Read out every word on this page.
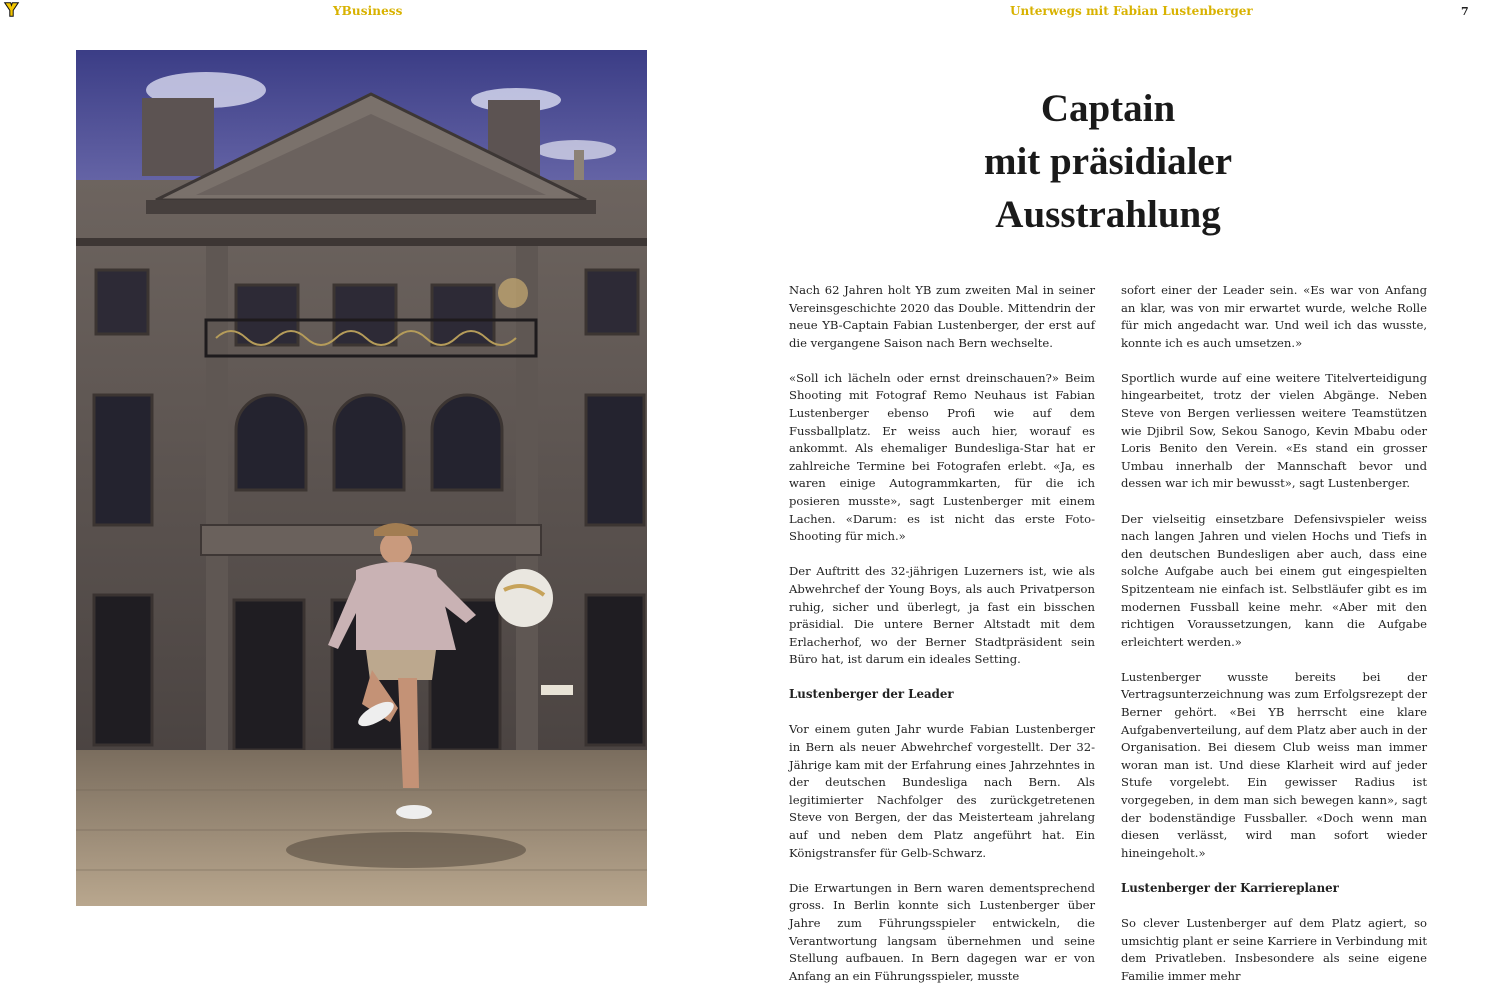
YBusiness	Unterwegs mit Fabian Lustenberger	7
Captain
mit präsidialer
Ausstrahlung

Nach 62 Jahren holt YB zum zweiten Mal in seiner Vereinsgeschichte 2020 das Double. Mittendrin der neue YB-Captain Fabian Lustenberger, der erst auf die vergangene Saison nach Bern wechselte.

«Soll ich lächeln oder ernst dreinschauen?» Beim Shooting mit Fotograf Remo Neuhaus ist Fabian Lustenberger ebenso Profi wie auf dem Fussballplatz. Er weiss auch hier, worauf es ankommt. Als ehemaliger Bundesliga-Star hat er zahlreiche Termine bei Fotografen erlebt. «Ja, es waren einige Autogrammkarten, für die ich posieren musste», sagt Lustenberger mit einem Lachen. «Darum: es ist nicht das erste Foto-Shooting für mich.»

Der Auftritt des 32-jährigen Luzerners ist, wie als Abwehrchef der Young Boys, als auch Privatperson ruhig, sicher und überlegt, ja fast ein bisschen präsidial. Die untere Berner Altstadt mit dem Erlacherhof, wo der Berner Stadtpräsident sein Büro hat, ist darum ein ideales Setting.

Lustenberger der Leader

Vor einem guten Jahr wurde Fabian Lustenberger in Bern als neuer Abwehrchef vorgestellt. Der 32-Jährige kam mit der Erfahrung eines Jahrzehntes in der deutschen Bundesliga nach Bern. Als legitimierter Nachfolger des zurückgetretenen Steve von Bergen, der das Meisterteam jahrelang auf und neben dem Platz angeführt hat. Ein Königstransfer für Gelb-Schwarz.

Die Erwartungen in Bern waren dementsprechend gross. In Berlin konnte sich Lustenberger über Jahre zum Führungsspieler entwickeln, die Verantwortung langsam übernehmen und seine Stellung aufbauen. In Bern dagegen war er von Anfang an ein Führungsspieler, musste

sofort einer der Leader sein. «Es war von Anfang an klar, was von mir erwartet wurde, welche Rolle für mich angedacht war. Und weil ich das wusste, konnte ich es auch umsetzen.»

Sportlich wurde auf eine weitere Titelverteidigung hingearbeitet, trotz der vielen Abgänge. Neben Steve von Bergen verliessen weitere Teamstützen wie Djibril Sow, Sekou Sanogo, Kevin Mbabu oder Loris Benito den Verein. «Es stand ein grosser Umbau innerhalb der Mannschaft bevor und dessen war ich mir bewusst», sagt Lustenberger.

Der vielseitig einsetzbare Defensivspieler weiss nach langen Jahren und vielen Hochs und Tiefs in den deutschen Bundesligen aber auch, dass eine solche Aufgabe auch bei einem gut eingespielten Spitzenteam nie einfach ist. Selbstläufer gibt es im modernen Fussball keine mehr. «Aber mit den richtigen Voraussetzungen, kann die Aufgabe erleichtert werden.»

Lustenberger wusste bereits bei der Vertragsunterzeichnung was zum Erfolgsrezept der Berner gehört. «Bei YB herrscht eine klare Aufgabenverteilung, auf dem Platz aber auch in der Organisation. Bei diesem Club weiss man immer woran man ist. Und diese Klarheit wird auf jeder Stufe vorgelebt. Ein gewisser Radius ist vorgegeben, in dem man sich bewegen kann», sagt der bodenständige Fussballer. «Doch wenn man diesen verlässt, wird man sofort wieder hineingeholt.»

Lustenberger der Karriereplaner

So clever Lustenberger auf dem Platz agiert, so umsichtig plant er seine Karriere in Verbindung mit dem Privatleben. Insbesondere als seine eigene Familie immer mehr
